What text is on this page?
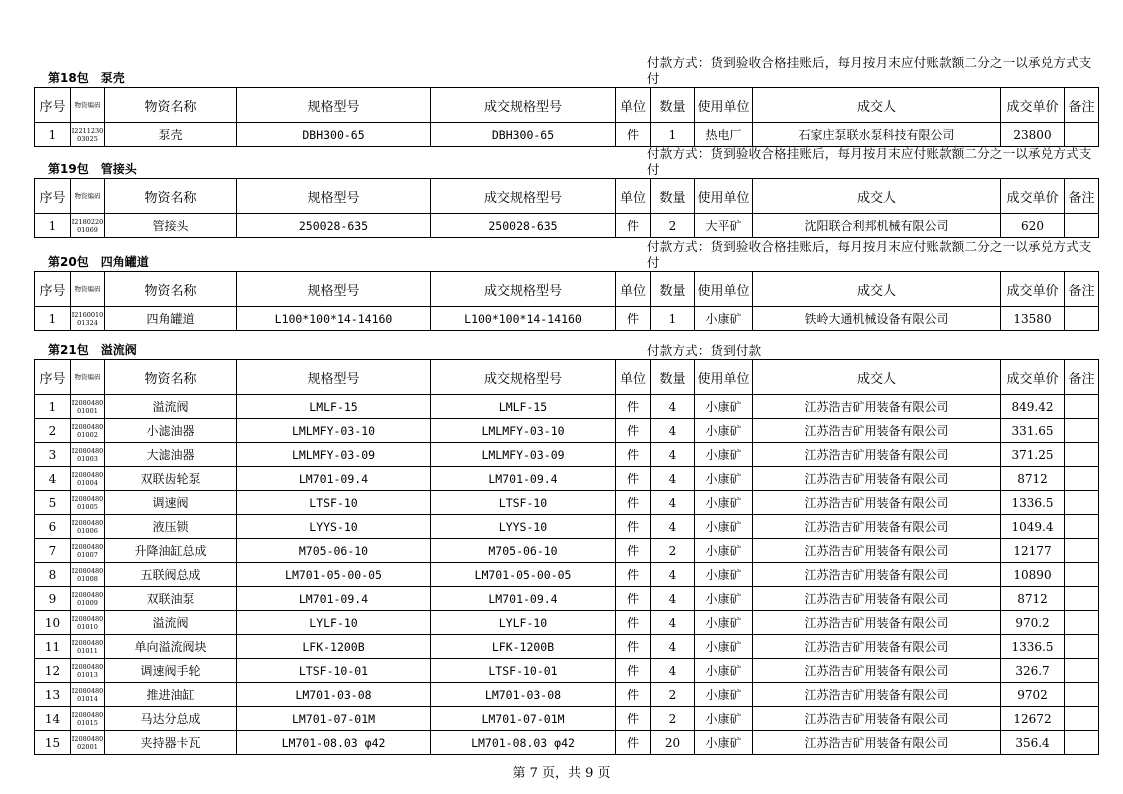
第18包 泵壳
付款方式：货到验收合格挂账后，每月按月末应付账款额二分之一以承兑方式支付
序号	物资编码	物资名称	规格型号	成交规格型号	单位	数量	使用单位	成交人	成交单价	备注
1	I221123003025	泵壳	DBH300-65	DBH300-65	件	1	热电厂	石家庄泵联水泵科技有限公司	23800	
第19包 管接头
付款方式：货到验收合格挂账后，每月按月末应付账款额二分之一以承兑方式支付
序号	物资编码	物资名称	规格型号	成交规格型号	单位	数量	使用单位	成交人	成交单价	备注
1	I218022001069	管接头	250028-635	250028-635	件	2	大平矿	沈阳联合利邦机械有限公司	620	
第20包 四角罐道
付款方式：货到验收合格挂账后，每月按月末应付账款额二分之一以承兑方式支付
序号	物资编码	物资名称	规格型号	成交规格型号	单位	数量	使用单位	成交人	成交单价	备注
1	I216001001324	四角罐道	L100*100*14-14160	L100*100*14-14160	件	1	小康矿	铁岭大通机械设备有限公司	13580	
第21包 溢流阀	付款方式：货到付款
序号	物资编码	物资名称	规格型号	成交规格型号	单位	数量	使用单位	成交人	成交单价	备注
1	I208048001001	溢流阀	LMLF-15	LMLF-15	件	4	小康矿	江苏浩吉矿用装备有限公司	849.42	
2	I208048001002	小滤油器	LMLMFY-03-10	LMLMFY-03-10	件	4	小康矿	江苏浩吉矿用装备有限公司	331.65	
3	I208048001003	大滤油器	LMLMFY-03-09	LMLMFY-03-09	件	4	小康矿	江苏浩吉矿用装备有限公司	371.25	
4	I208048001004	双联齿轮泵	LM701-09.4	LM701-09.4	件	4	小康矿	江苏浩吉矿用装备有限公司	8712	
5	I208048001005	调速阀	LTSF-10	LTSF-10	件	4	小康矿	江苏浩吉矿用装备有限公司	1336.5	
6	I208048001006	液压锁	LYYS-10	LYYS-10	件	4	小康矿	江苏浩吉矿用装备有限公司	1049.4	
7	I208048001007	升降油缸总成	M705-06-10	M705-06-10	件	2	小康矿	江苏浩吉矿用装备有限公司	12177	
8	I208048001008	五联阀总成	LM701-05-00-05	LM701-05-00-05	件	4	小康矿	江苏浩吉矿用装备有限公司	10890	
9	I208048001009	双联油泵	LM701-09.4	LM701-09.4	件	4	小康矿	江苏浩吉矿用装备有限公司	8712	
10	I208048001010	溢流阀	LYLF-10	LYLF-10	件	4	小康矿	江苏浩吉矿用装备有限公司	970.2	
11	I208048001011	单向溢流阀块	LFK-1200B	LFK-1200B	件	4	小康矿	江苏浩吉矿用装备有限公司	1336.5	
12	I208048001013	调速阀手轮	LTSF-10-01	LTSF-10-01	件	4	小康矿	江苏浩吉矿用装备有限公司	326.7	
13	I208048001014	推进油缸	LM701-03-08	LM701-03-08	件	2	小康矿	江苏浩吉矿用装备有限公司	9702	
14	I208048001015	马达分总成	LM701-07-01M	LM701-07-01M	件	2	小康矿	江苏浩吉矿用装备有限公司	12672	
15	I208048002001	夹持器卡瓦	LM701-08.03 φ42	LM701-08.03 φ42	件	20	小康矿	江苏浩吉矿用装备有限公司	356.4	
第 7 页，共 9 页
